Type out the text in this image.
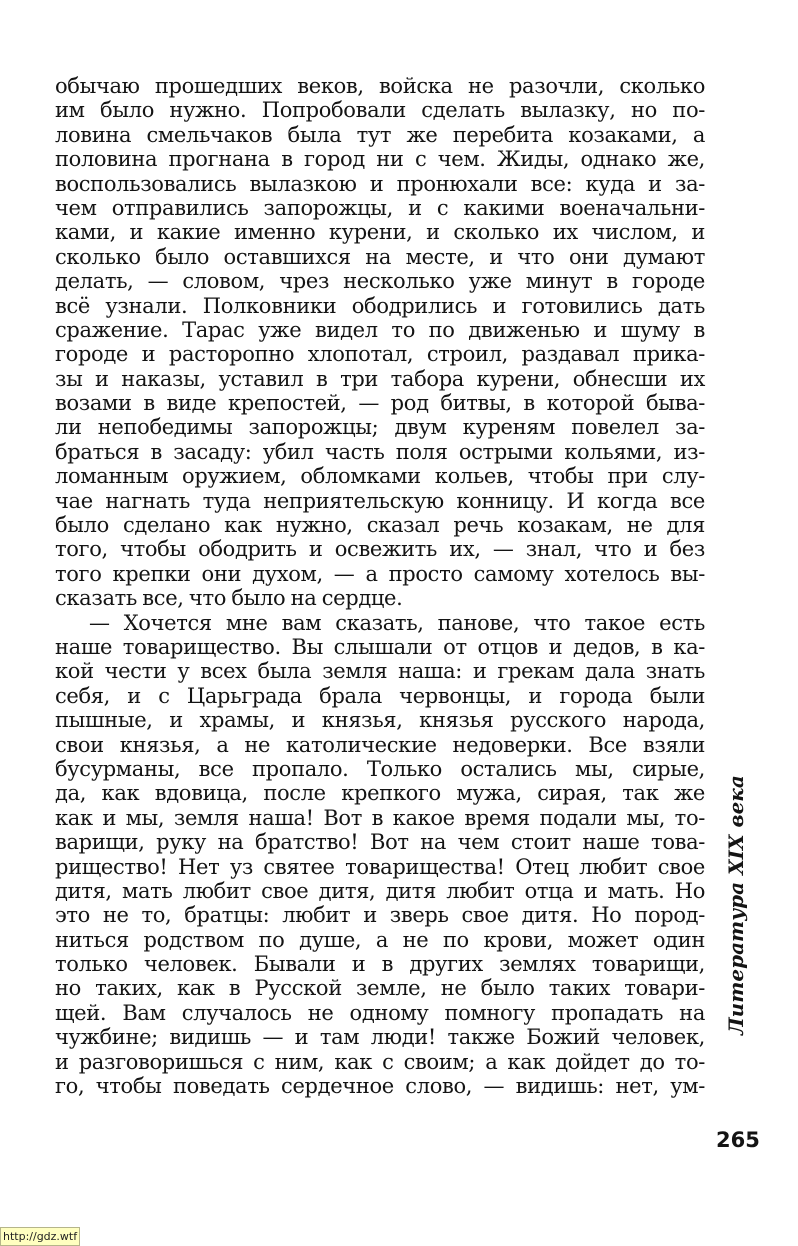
обычаю прошедших веков, войска не разочли, сколько
им было нужно. Попробовали сделать вылазку, но по-
ловина смельчаков была тут же перебита козаками, а
половина прогнана в город ни с чем. Жиды, однако же,
воспользовались вылазкою и пронюхали все: куда и за-
чем отправились запорожцы, и с какими военачальни-
ками, и какие именно курени, и сколько их числом, и
сколько было оставшихся на месте, и что они думают
делать, — словом, чрез несколько уже минут в городе
всё узнали. Полковники ободрились и готовились дать
сражение. Тарас уже видел то по движенью и шуму в
городе и расторопно хлопотал, строил, раздавал прика-
зы и наказы, уставил в три табора курени, обнесши их
возами в виде крепостей, — род битвы, в которой быва-
ли непобедимы запорожцы; двум куреням повелел за-
браться в засаду: убил часть поля острыми кольями, из-
ломанным оружием, обломками кольев, чтобы при слу-
чае нагнать туда неприятельскую конницу. И когда все
было сделано как нужно, сказал речь козакам, не для
того, чтобы ободрить и освежить их, — знал, что и без
того крепки они духом, — а просто самому хотелось вы-
сказать все, что было на сердце.
— Хочется мне вам сказать, панове, что такое есть
наше товарищество. Вы слышали от отцов и дедов, в ка-
кой чести у всех была земля наша: и грекам дала знать
себя, и с Царьграда брала червонцы, и города были
пышные, и храмы, и князья, князья русского народа,
свои князья, а не католические недоверки. Все взяли
бусурманы, все пропало. Только остались мы, сирые,
да, как вдовица, после крепкого мужа, сирая, так же
как и мы, земля наша! Вот в какое время подали мы, то-
варищи, руку на братство! Вот на чем стоит наше това-
рищество! Нет уз святее товарищества! Отец любит свое
дитя, мать любит свое дитя, дитя любит отца и мать. Но
это не то, братцы: любит и зверь свое дитя. Но пород-
ниться родством по душе, а не по крови, может один
только человек. Бывали и в других землях товарищи,
но таких, как в Русской земле, не было таких товари-
щей. Вам случалось не одному помногу пропадать на
чужбине; видишь — и там люди! также Божий человек,
и разговоришься с ним, как с своим; а как дойдет до то-
го, чтобы поведать сердечное слово, — видишь: нет, ум-
Литература XIX века
265
http://gdz.wtf
